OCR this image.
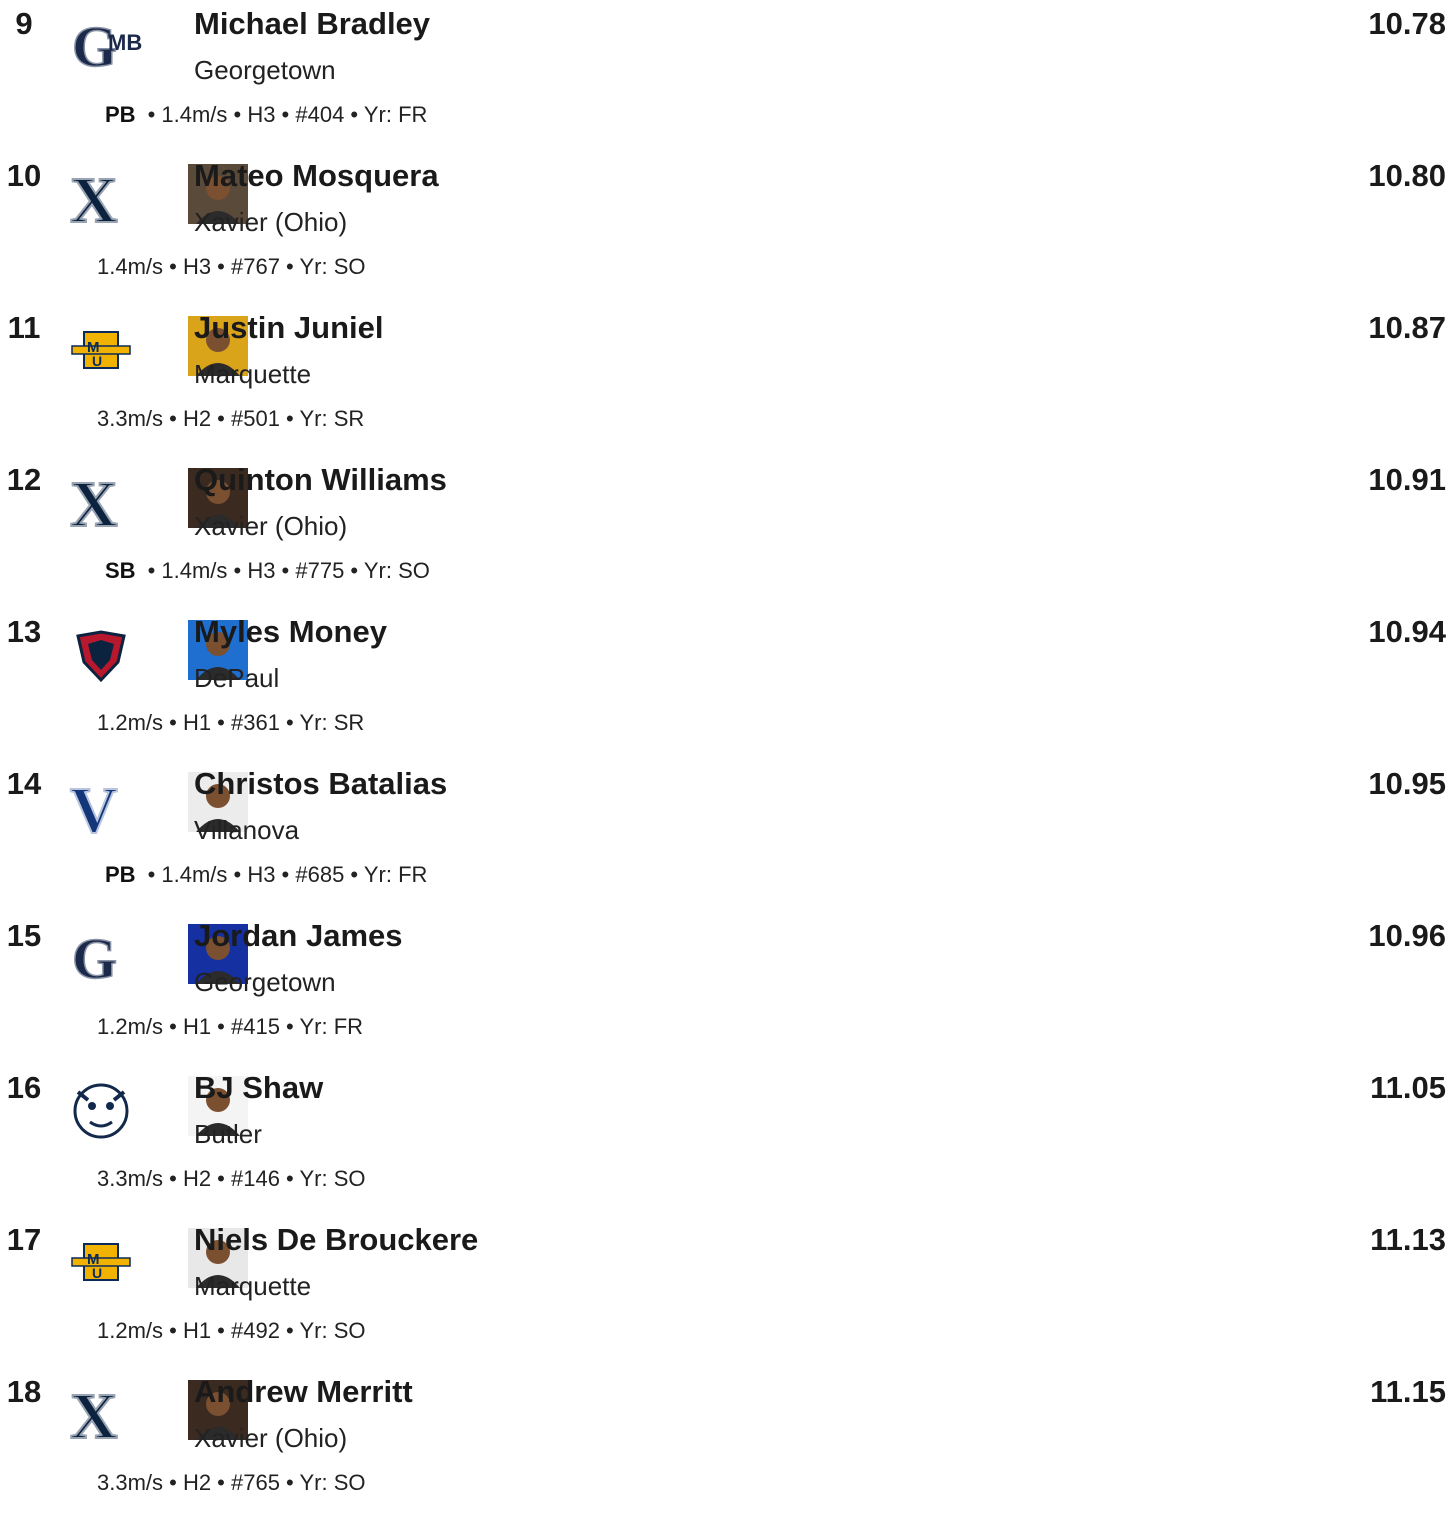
9 G
MB
Michael Bradley
Georgetown
PB • 1.4m/s • H3 • #404 • Yr: FR
10.78
10 X Mateo Mosquera
Xavier (Ohio)
1.4m/s • H3 • #767 • Yr: SO
10.80
11
M
U
Justin Juniel
Marquette
3.3m/s • H2 • #501 • Yr: SR
10.87
12 X Quinton Williams
Xavier (Ohio)
SB • 1.4m/s • H3 • #775 • Yr: SO
10.91
13	Myles Money
DePaul
1.2m/s • H1 • #361 • Yr: SR
10.94
14 V Christos Batalias
Villanova
PB • 1.4m/s • H3 • #685 • Yr: FR
10.95
15 G Jordan James
Georgetown
1.2m/s • H1 • #415 • Yr: FR
10.96
16	BJ Shaw
Butler
3.3m/s • H2 • #146 • Yr: SO
11.05
17
M
U
Niels De Brouckere
Marquette
1.2m/s • H1 • #492 • Yr: SO
11.13
18 X Andrew Merritt
Xavier (Ohio)
3.3m/s • H2 • #765 • Yr: SO
11.15
